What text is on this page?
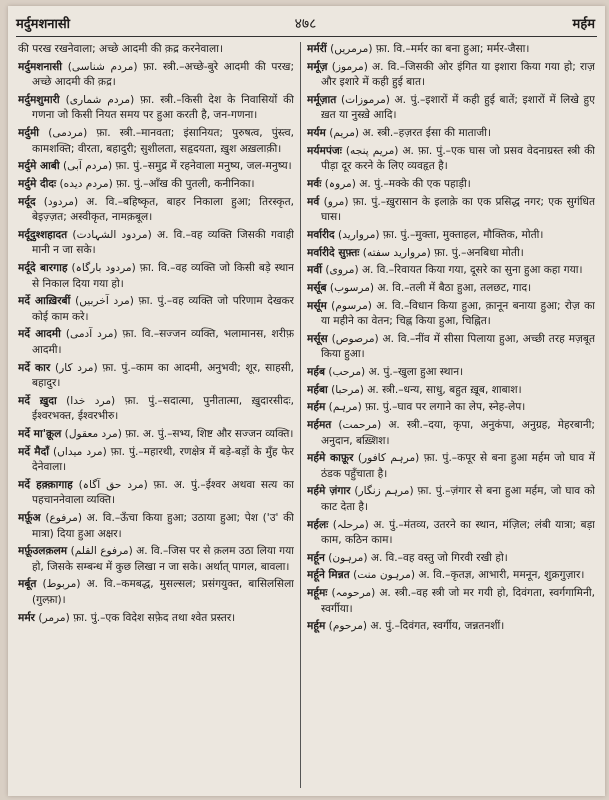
मर्दुमशनासी	४७८	मर्हम
की परख रखनेवाला; अच्छे आदमी की क़द्र करनेवाला।
मर्दुमशनासी (مردم شناسی) फ़ा. स्त्री.–अच्छे-बुरे आदमी की परख; अच्छे आदमी की क़द्र।
मर्दुमशुमारी (مردم شماری) फ़ा. स्त्री.–किसी देश के निवासियों की गणना जो किसी नियत समय पर हुआ करती है, जन-गणना।
मर्दुमी (مردمی) फ़ा. स्त्री.–मानवता; इंसानियत; पुरुषत्व, पुंस्त्व, कामशक्ति; वीरता, बहादुरी; सुशीलता, सहृदयता, ख़ुश अख़लाक़ी।
मर्दुमे आबी (مردم آبی) फ़ा. पुं.–समुद्र में रहनेवाला मनुष्य, जल-मनुष्य।
मर्दुमे दीदः (مردم دیده) फ़ा. पुं.–आँख की पुतली, कनीनिका।
मर्दूद (مردود) अ. वि.–बहिष्कृत, बाहर निकाला हुआ; तिरस्कृत, बेइज़्ज़त; अस्वीकृत, नामक़बूल।
मर्दूदुश्शहादत (مردود الشہادت) अ. वि.–वह व्यक्ति जिसकी गवाही मानी न जा सके।
मर्दूदे बारगाह (مردود بارگاہ) फ़ा. वि.–वह व्यक्ति जो किसी बड़े स्थान से निकाल दिया गया हो।
मर्दे आख़िरबीं (مرد آخربیں) फ़ा. पुं.–वह व्यक्ति जो परिणाम देखकर कोई काम करे।
मर्दे आदमी (مرد آدمی) फ़ा. वि.–सज्जन व्यक्ति, भलामानस, शरीफ़ आदमी।
मर्दे कार (مرد کار) फ़ा. पुं.–काम का आदमी, अनुभवी; शूर, साहसी, बहादुर।
मर्दे ख़ुदा (مرد خدا) फ़ा. पुं.–सदात्मा, पुनीतात्मा, ख़ुदारसीदः, ईश्वरभक्त, ईश्वरभीरु।
मर्दे मा'क़ूल (مرد معقول) फ़ा. अ. पुं.–सभ्य, शिष्ट और सज्जन व्यक्ति।
मर्दे मैदाँ (مرد میداں) फ़ा. पुं.–महारथी, रणक्षेत्र में बड़े-बड़ों के मुँह फेर देनेवाला।
मर्दे हक़्क़ागाह (مرد حق آگاہ) फ़ा. अ. पुं.–ईश्वर अथवा सत्य का पहचाननेवाला व्यक्ति।
मर्फ़ूअ (مرفوع) अ. वि.–ऊँचा किया हुआ; उठाया हुआ; पेश ('उ' की मात्रा) दिया हुआ अक्षर।
मर्फ़ूउलक़लम (مرفوع القلم) अ. वि.–जिस पर से क़लम उठा लिया गया हो, जिसके सम्बन्ध में कुछ लिखा न जा सके। अर्थात् पागल, बावला।
मर्बूत (مربوط) अ. वि.–कमबद्ध, मुसल्सल; प्रसंगयुक्त, बासिलसिला (गुल्फ़ा)।
मर्मर (مرمر) फ़ा. पुं.–एक विदेश सफ़ेद तथा श्वेत प्रस्तर।
मर्मरीं (مرمریں) फ़ा. वि.–मर्मर का बना हुआ; मर्मर-जैसा।
मर्मूज़ (مرموز) अ. वि.–जिसकी ओर इंगित या इशारा किया गया हो; राज़ और इशारे में कही हुई बात।
मर्मूज़ात (مرموزات) अ. पुं.–इशारों में कही हुई बातें; इशारों में लिखे हुए ख़त या नुस्ख़े आदि।
मर्यम (مریم) अ. स्त्री.–हज़रत ईसा की माताजी।
मर्यमपंजः (مریم پنجه) अ. फ़ा. पुं.–एक घास जो प्रसव वेदनाग्रस्त स्त्री की पीड़ा दूर करने के लिए व्यवहृत है।
मर्वः (مروہ) अ. पुं.–मक्के की एक पहाड़ी।
मर्व (مرو) फ़ा. पुं.–ख़ुरासान के इलाक़े का एक प्रसिद्ध नगर; एक सुगंधित घास।
मर्वारीद (مروارید) फ़ा. पुं.–मुक्ता, मुक्ताहल, मौक्तिक, मोती।
मर्वारीदे सुफ़्तः (مروارید سفته) फ़ा. पुं.–अनबिधा मोती।
मर्वी (مروی) अ. वि.–रिवायत किया गया, दूसरे का सुना हुआ कहा गया।
मर्सूब (مرسوب) अ. वि.–तली में बैठा हुआ, तलछट, गाद।
मर्सूम (مرسوم) अ. वि.–विधान किया हुआ, क़ानून बनाया हुआ; रोज़ का या महीने का वेतन; चिह्न किया हुआ, चिह्नित।
मर्सूस (مرصوص) अ. वि.–नींव में सीसा पिलाया हुआ, अच्छी तरह मज़बूत किया हुआ।
मर्हब (مرحب) अ. पुं.–खुला हुआ स्थान।
मर्हबा (مرحبا) अ. स्त्री.–धन्य, साधु, बहुत ख़ूब, शाबाश।
मर्हम (مرہم) फ़ा. पुं.–घाव पर लगाने का लेप, स्नेह-लेप।
मर्हमत (مرحمت) अ. स्त्री.–दया, कृपा, अनुकंपा, अनुग्रह, मेहरबानी; अनुदान, बख़्शिश।
मर्हमे काफ़ूर (مرہم کافور) फ़ा. पुं.–कपूर से बना हुआ मर्हम जो घाव में ठंडक पहुँचाता है।
मर्हमे ज़ंगार (مرہم زنگار) फ़ा. पुं.–ज़ंगार से बना हुआ मर्हम, जो घाव को काट देता है।
मर्हलः (مرحلہ) अ. पुं.–मंतव्य, उतरने का स्थान, मंज़िल; लंबी यात्रा; बड़ा काम, कठिन काम।
मर्हून (مرہون) अ. वि.–वह वस्तु जो गिरवी रखी हो।
मर्हूने मिन्नत (مرہون منت) अ. वि.–कृतज्ञ, आभारी, ममनून, शुक्रगुज़ार।
मर्हूमः (مرحومہ) अ. स्त्री.–वह स्त्री जो मर गयी हो, दिवंगता, स्वर्गगामिनी, स्वर्गीया।
मर्हूम (مرحوم) अ. पुं.–दिवंगत, स्वर्गीय, जन्नतनशीं।
